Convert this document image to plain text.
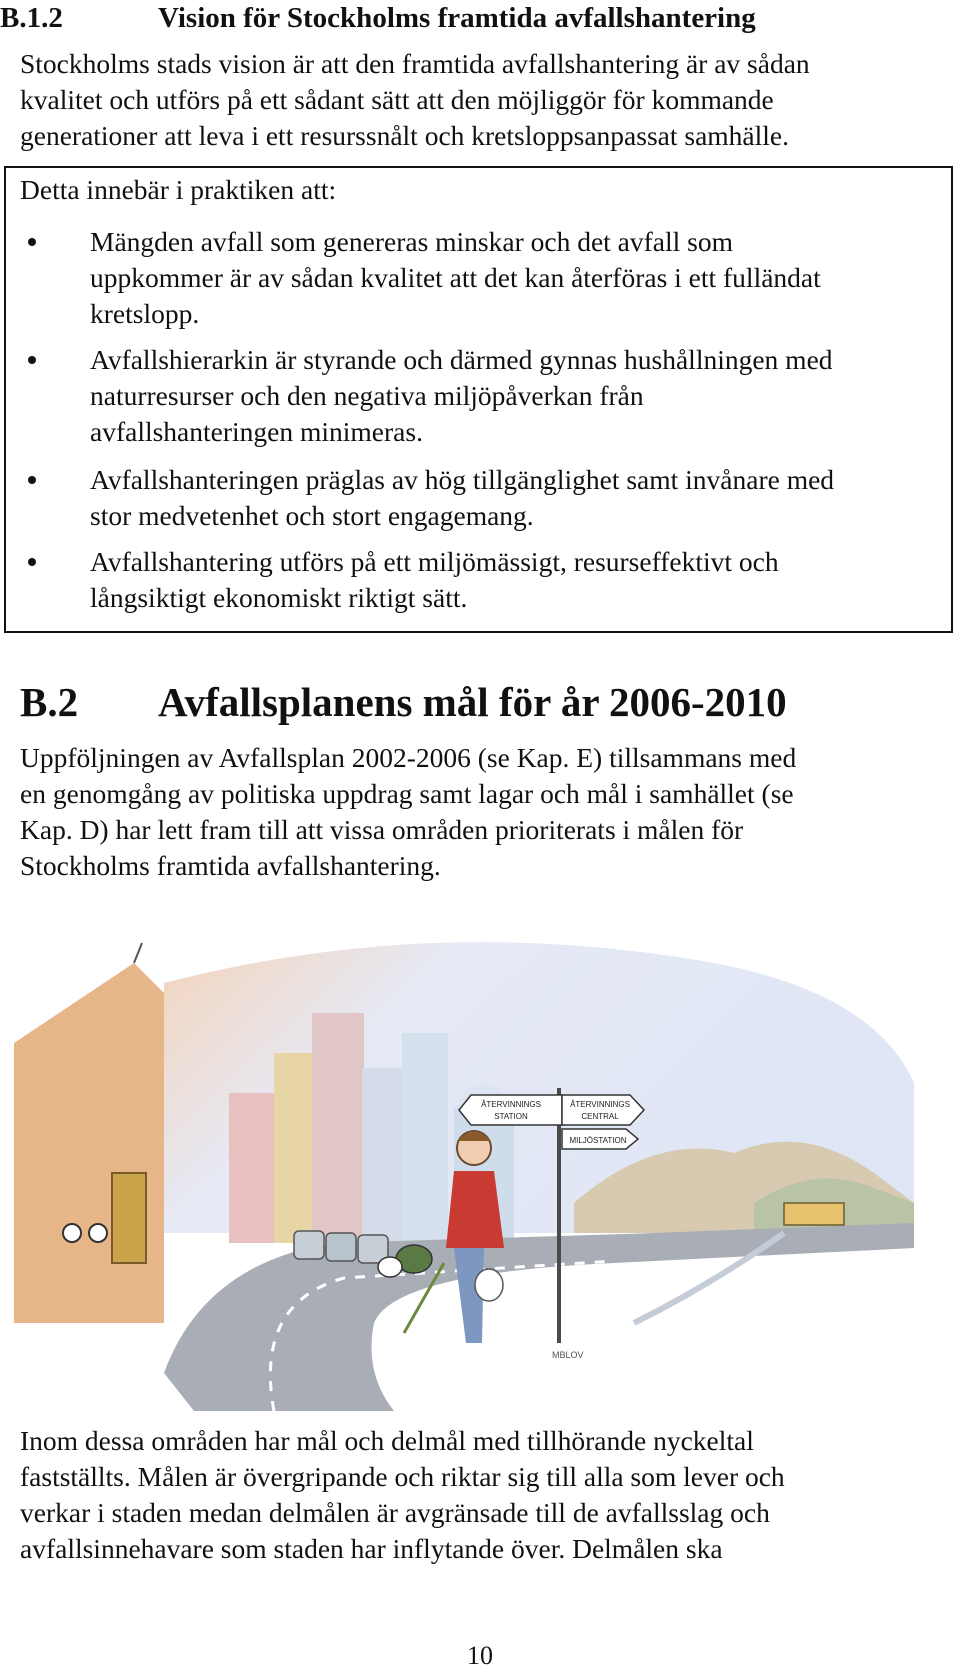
B.1.2	Vision för Stockholms framtida avfallshantering
Stockholms stads vision är att den framtida avfallshantering är av sådan
kvalitet och utförs på ett sådant sätt att den möjliggör för kommande
generationer att leva i ett resurssnålt och kretsloppsanpassat samhälle.
Detta innebär i praktiken att:
Mängden avfall som genereras minskar och det avfall som
uppkommer är av sådan kvalitet att det kan återföras i ett fulländat
kretslopp.
Avfallshierarkin är styrande och därmed gynnas hushållningen med
naturresurser och den negativa miljöpåverkan från
avfallshanteringen minimeras.
Avfallshanteringen präglas av hög tillgänglighet samt invånare med
stor medvetenhet och stort engagemang.
Avfallshantering utförs på ett miljömässigt, resurseffektivt och
långsiktigt ekonomiskt riktigt sätt.
B.2 Avfallsplanens mål för år 2006-2010
Uppföljningen av Avfallsplan 2002-2006 (se Kap. E) tillsammans med
en genomgång av politiska uppdrag samt lagar och mål i samhället (se
Kap. D) har lett fram till att vissa områden prioriterats i målen för
Stockholms framtida avfallshantering.
ÅTERVINNINGS
STATION
ÅTERVINNINGS
CENTRAL
MILJÖSTATION
MBLOV
Inom dessa områden har mål och delmål med tillhörande nyckeltal
fastställts. Målen är övergripande och riktar sig till alla som lever och
verkar i staden medan delmålen är avgränsade till de avfallsslag och
avfallsinnehavare som staden har inflytande över. Delmålen ska
10
